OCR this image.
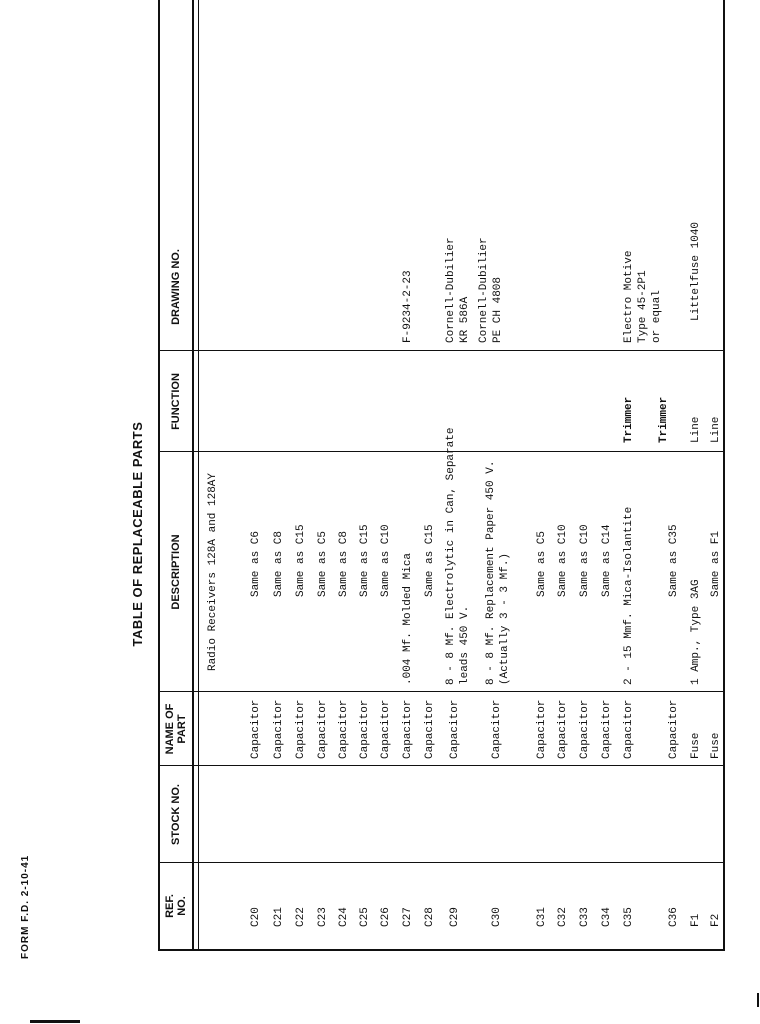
FORM F.D. 2-10-41
TABLE OF REPLACEABLE PARTS
REF. NO.
STOCK NO.
NAME OF PART
DESCRIPTION
FUNCTION
DRAWING NO.
Radio Receivers 128A and 128AY
C20
Capacitor
Same as C6
C21
Capacitor
Same as C8
C22
Capacitor
Same as C15
C23
Capacitor
Same as C5
C24
Capacitor
Same as C8
C25
Capacitor
Same as C15
C26
Capacitor
Same as C10
C27
Capacitor
.004 Mf. Molded Mica
F-9234-2-23
C28
Capacitor
Same as C15
C29
Capacitor
8 - 8 Mf. Electrolytic in Can, Separate leads 450 V.
Cornell-Dubilier KR 586A
C30
Capacitor
8 - 8 Mf. Replacement Paper 450 V. (Actually 3 - 3 Mf.)
Cornell-Dubilier PE CH 4808
C31
Capacitor
Same as C5
C32
Capacitor
Same as C10
C33
Capacitor
Same as C10
C34
Capacitor
Same as C14
C35
Capacitor
2 - 15 Mmf. Mica-Isolantite
Trimmer
Electro Motive Type 45-2P1 or equal
C36
Capacitor
Same as C35
Trimmer
F1
Fuse
1 Amp., Type 3AG
Line
Littelfuse 1040
F2
Fuse
Same as F1
Line
